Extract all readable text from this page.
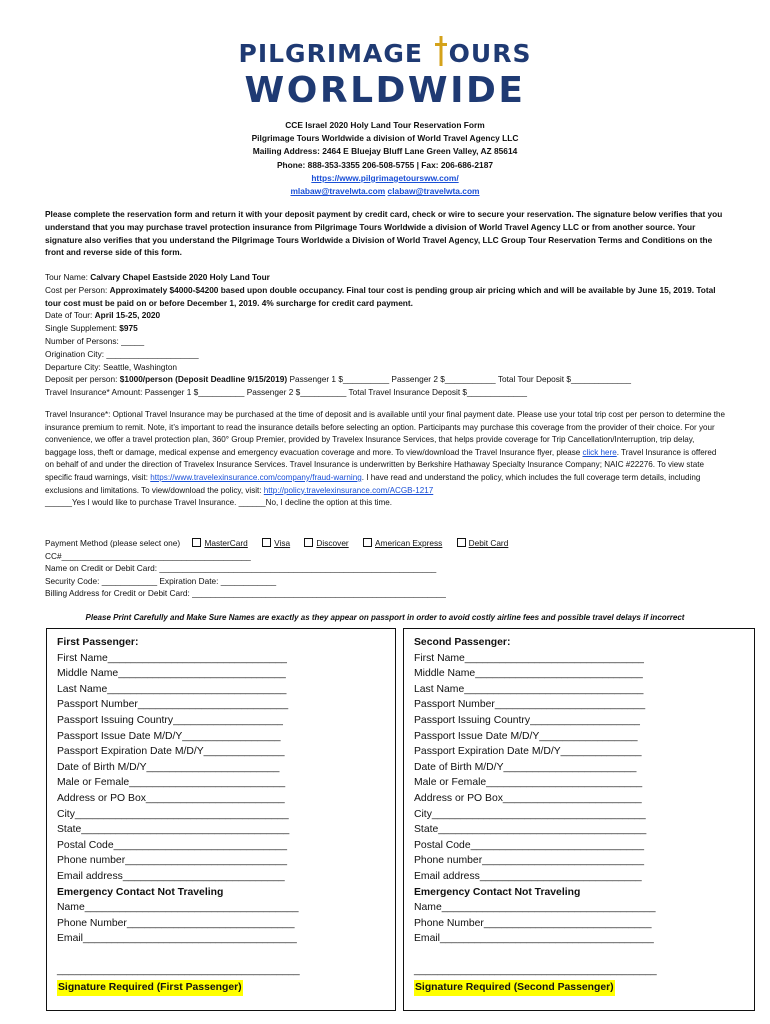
PILGRIMAGE OURS
WORLDWIDE
CCE Israel 2020 Holy Land Tour Reservation Form
Pilgrimage Tours Worldwide a division of World Travel Agency LLC
Mailing Address: 2464 E Bluejay Bluff Lane Green Valley, AZ 85614
Phone: 888-353-3355 206-508-5755 | Fax: 206-686-2187
https://www.pilgrimagetoursww.com/
mlabaw@travelwta.com clabaw@travelwta.com
Please complete the reservation form and return it with your deposit payment by credit card, check or wire to secure your reservation. The signature below verifies that you understand that you may purchase travel protection insurance from Pilgrimage Tours Worldwide a division of World Travel Agency LLC or from another source. Your signature also verifies that you understand the Pilgrimage Tours Worldwide a Division of World Travel Agency, LLC Group Tour Reservation Terms and Conditions on the front and reverse side of this form.
Tour Name: Calvary Chapel Eastside 2020 Holy Land Tour
Cost per Person: Approximately $4000-$4200 based upon double occupancy. Final tour cost is pending group air pricing which and will be available by June 15, 2019. Total tour cost must be paid on or before December 1, 2019. 4% surcharge for credit card payment.
Date of Tour: April 15-25, 2020
Single Supplement: $975
Number of Persons: _____
Origination City: ____________________
Departure City: Seattle, Washington
Deposit per person: $1000/person (Deposit Deadline 9/15/2019) Passenger 1 $__________ Passenger 2 $___________ Total Tour Deposit $_____________
Travel Insurance* Amount: Passenger 1 $__________ Passenger 2 $__________ Total Travel Insurance Deposit $_____________
Travel Insurance*: Optional Travel Insurance may be purchased at the time of deposit and is available until your final payment date. Please use your total trip cost per person to determine the insurance premium to remit. Note, it’s important to read the insurance details before selecting an option. Participants may purchase this coverage from the provider of their choice. For your convenience, we offer a travel protection plan, 360° Group Premier, provided by Travelex Insurance Services, that helps provide coverage for Trip Cancellation/Interruption, trip delay, baggage loss, theft or damage, medical expense and emergency evacuation coverage and more. To view/download the Travel Insurance flyer, please click here. Travel Insurance is offered on behalf of and under the direction of Travelex Insurance Services. Travel Insurance is underwritten by Berkshire Hathaway Specialty Insurance Company; NAIC #22276. To view state specific fraud warnings, visit: https://www.travelexinsurance.com/company/fraud-warning. I have read and understand the policy, which includes the full coverage term details, including exclusions and limitations. To view/download the policy, visit: http://policy.travelexinsurance.com/ACGB-1217
______Yes I would like to purchase Travel Insurance. ______No, I decline the option at this time.
Payment Method (please select one)	MasterCard	Visa	Discover	American Express	Debit Card
CC#_________________________________________
Name on Credit or Debit Card: ____________________________________________________________
Security Code: ____________ Expiration Date: ____________
Billing Address for Credit or Debit Card: _______________________________________________________
Please Print Carefully and Make Sure Names are exactly as they appear on passport in order to avoid costly airline fees and possible travel delays if incorrect
First Passenger:
First Name_______________________________
Middle Name_____________________________
Last Name_______________________________
Passport Number__________________________
Passport Issuing Country___________________
Passport Issue Date M/D/Y_________________
Passport Expiration Date M/D/Y______________
Date of Birth M/D/Y_______________________
Male or Female___________________________
Address or PO Box________________________
City_____________________________________
State____________________________________
Postal Code______________________________
Phone number____________________________
Email address____________________________
Emergency Contact Not Traveling
Name_____________________________________
Phone Number_____________________________
Email_____________________________________
__________________________________________
Signature Required (First Passenger)
Second Passenger:
First Name_______________________________
Middle Name_____________________________
Last Name_______________________________
Passport Number__________________________
Passport Issuing Country___________________
Passport Issue Date M/D/Y_________________
Passport Expiration Date M/D/Y______________
Date of Birth M/D/Y_______________________
Male or Female___________________________
Address or PO Box________________________
City_____________________________________
State____________________________________
Postal Code______________________________
Phone number____________________________
Email address____________________________
Emergency Contact Not Traveling
Name_____________________________________
Phone Number_____________________________
Email_____________________________________
__________________________________________
Signature Required (Second Passenger)
